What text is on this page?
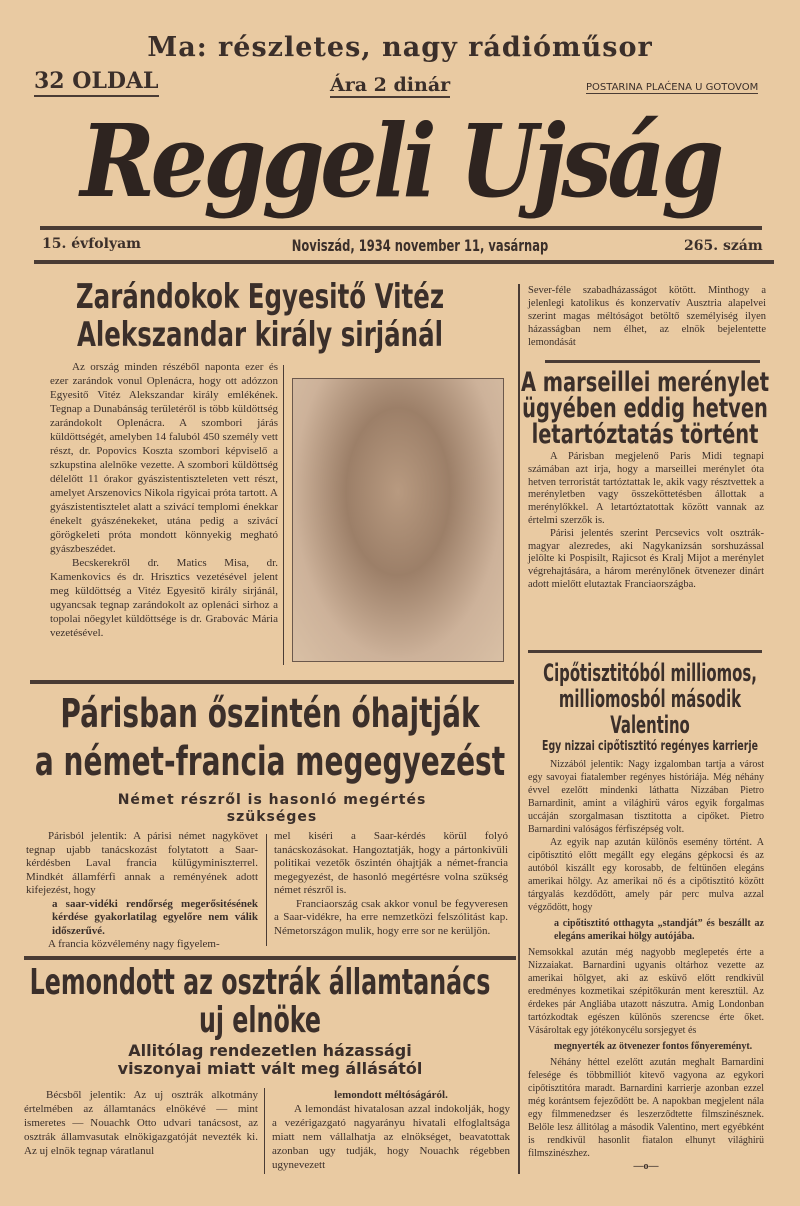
Ma: részletes, nagy rádióműsor
32 OLDAL	Ára 2 dinár	POSTARINA PLAĆENA U GOTOVOM
Reggeli Ujság
15. évfolyam	Noviszád, 1934 november 11, vasárnap	265. szám
Zarándokok Egyesitő Vitéz
Alekszandar király sirjánál

Az ország minden részéből naponta ezer és ezer zarándok vonul Oplenácra, hogy ott adózzon Egyesitő Vitéz Alekszandar király emlékének. Tegnap a Dunabánság területéről is több küldöttség zarándokolt Oplenácra. A szombori járás küldöttségét, amelyben 14 faluból 450 személy vett részt, dr. Popovics Koszta szombori képviselő a szkupstina alelnöke vezette. A szombori küldöttség délelőtt 11 órakor gyászistentiszteleten vett részt, amelyet Arszenovics Nikola rigyicai próta tartott. A gyászistentisztelet alatt a szivácí templomi énekkar énekelt gyászénekeket, utána pedig a szivácí görögkeleti próta mondott könnyekig megható gyászbeszédet.

Becskerekről dr. Matics Misa, dr. Kamenkovics és dr. Hrisztics vezetésével jelent meg küldöttség a Vitéz Egyesitő király sirjánál, ugyancsak tegnap zarándokolt az oplenáci sirhoz a topolai nőegylet küldöttsége is dr. Grabovác Mária vezetésével.

Párisban őszintén óhajtják
a német-francia megegyezést
Német részről is hasonló megértés
szükséges

Párisból jelentik: A párisi német nagykövet tegnap ujabb tanácskozást folytatott a Saar-kérdésben Laval francia külügyminiszterrel. Mindkét államférfi annak a reményének adott kifejezést, hogy

a saar-vidéki rendőrség megerősitésének kérdése gyakorlatilag egyelőre nem válik időszerűvé.

A francia közvélemény nagy figyelem-

mel kiséri a Saar-kérdés körül folyó tanácskozásokat. Hangoztatják, hogy a pártonkivüli politikai vezetők őszintén óhajtják a német-francia megegyezést, de hasonló megértésre volna szükség német részről is.

Franciaország csak akkor vonul be fegyveresen a Saar-vidékre, ha erre nemzetközi felszólitást kap. Németországon mulik, hogy erre sor ne kerüljön.

Lemondott az osztrák államtanács
uj elnöke
Allitólag rendezetlen házassági
viszonyai miatt vált meg állásától

Bécsből jelentik: Az uj osztrák alkotmány értelmében az államtanács elnökévé — mint ismeretes — Nouachk Otto udvari tanácsost, az osztrák államvasutak elnökigazgatóját nevezték ki. Az uj elnök tegnap váratlanul

lemondott méltóságáról.

A lemondást hivatalosan azzal indokolják, hogy a vezérigazgató nagyarányu hivatali elfoglaltsága miatt nem vállalhatja az elnökséget, beavatottak azonban ugy tudják, hogy Nouachk régebben ugynevezett

Sever-féle szabadházasságot kötött. Minthogy a jelenlegi katolikus és konzervatív Ausztria alapelvei szerint magas méltóságot betöltő személyiség ilyen házasságban nem élhet, az elnök bejelentette lemondását

A marseillei merénylet
ügyében eddig hetven
letartóztatás történt

A Párisban megjelenő Paris Midi tegnapi számában azt irja, hogy a marseillei merénylet óta hetven terroristát tartóztattak le, akik vagy résztvettek a merényletben vagy összeköttetésben állottak a merénylőkkel. A letartóztatottak között vannak az értelmi szerzők is.

Párisi jelentés szerint Percsevics volt osztrák-magyar alezredes, aki Nagykanizsán sorshuzással jelölte ki Pospisilt, Rajicsot és Kralj Mijot a merénylet végrehajtására, a három merénylőnek ötvenezer dinárt adott mielőtt elutaztak Franciaországba.

Cipőtisztitóból milliomos,
milliomosból második
Valentino
Egy nizzai cipőtisztitó regényes karrierje

Nizzából jelentik: Nagy izgalomban tartja a várost egy savoyai fiatalember regényes históriája. Még néhány évvel ezelőtt mindenki láthatta Nizzában Pietro Barnardinit, amint a világhirü város egyik forgalmas uccáján szorgalmasan tisztitotta a cipőket. Pietro Barnardini valóságos férfiszépség volt.

Az egyik nap azután különös esemény történt. A cipőtisztitó előtt megállt egy elegáns gépkocsi és az autóból kiszállt egy korosabb, de feltünően elegáns amerikai hölgy. Az amerikai nő és a cipőtisztitó között tárgyalás kezdődött, amely pár perc mulva azzal végződött, hogy

a cipőtisztitó otthagyta „standját” és beszállt az elegáns amerikai hölgy autójába.

Nemsokkal azután még nagyobb meglepetés érte a Nizzaiakat. Barnardini ugyanis oltárhoz vezette az amerikai hölgyet, aki az esküvő előtt rendkivül eredményes kozmetikai szépitőkurán ment keresztül. Az érdekes pár Angliába utazott nászutra. Amig Londonban tartózkodtak egészen különös szerencse érte őket. Vásároltak egy jótékonycélu sorsjegyet és

megnyerték az ötvenezer fontos főnyereményt.

Néhány héttel ezelőtt azután meghalt Barnardini felesége és többmilliót kitevő vagyona az egykori cipőtisztitóra maradt. Barnardini karrierje azonban ezzel még korántsem fejeződött be. A napokban megjelent nála egy filmmenedzser és leszerződtette filmszinésznek. Belőle lesz állitólag a második Valentino, mert egyébként is rendkivül hasonlit fiatalon elhunyt világhirü filmszinészhez.

—o—
